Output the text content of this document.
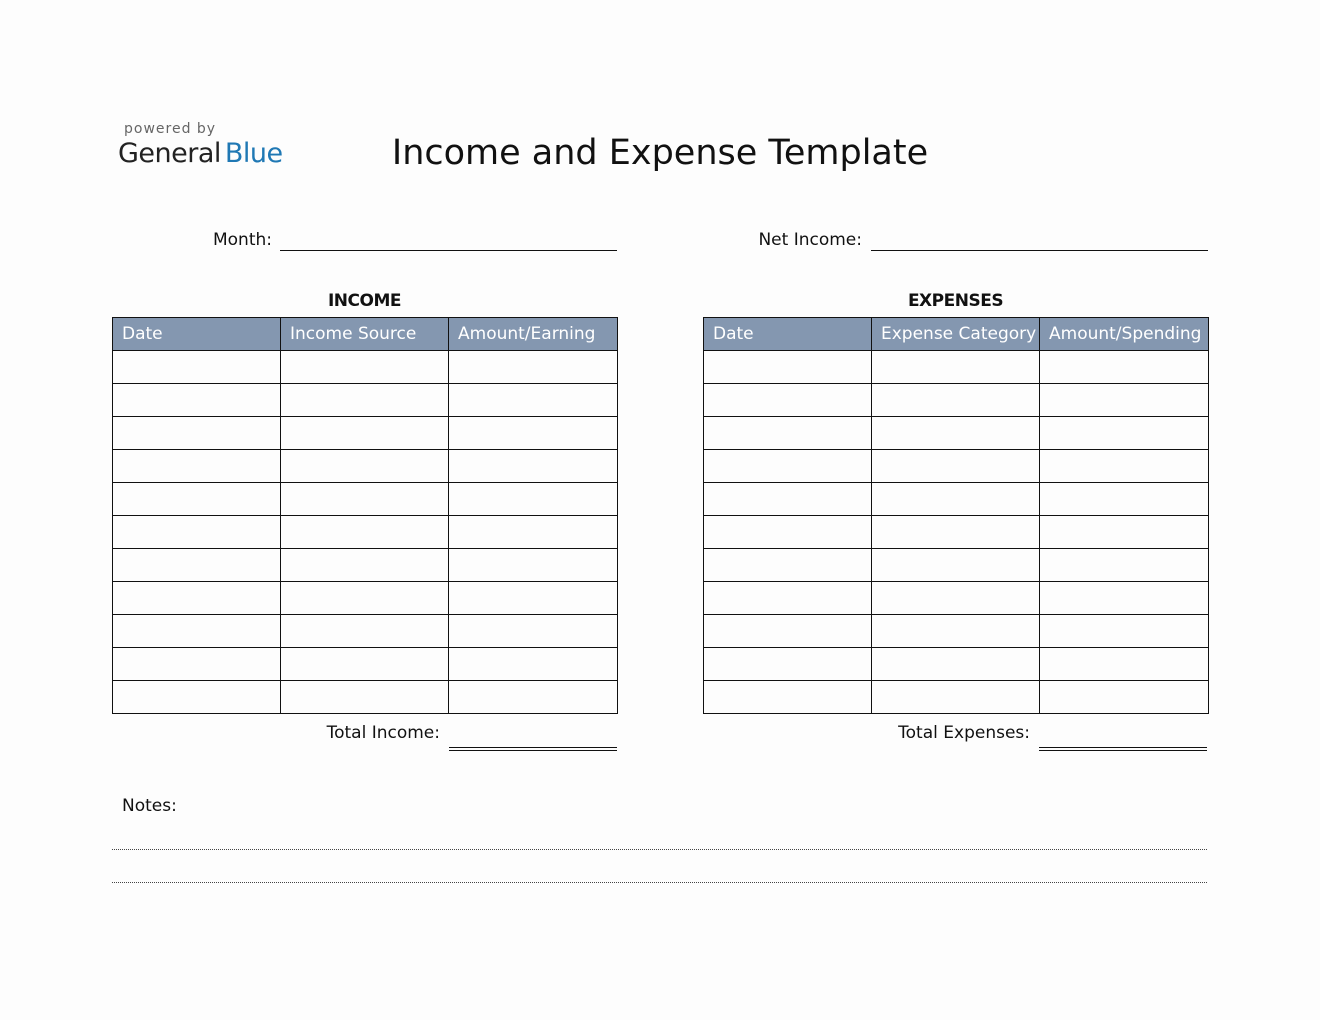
powered by
General Blue	Income and Expense Template
Month:	Net Income:
INCOME
Date	Income Source	Amount/Earning

Total Income:
EXPENSES
Date	Expense Category	Amount/Spending

Total Expenses:
Notes:
